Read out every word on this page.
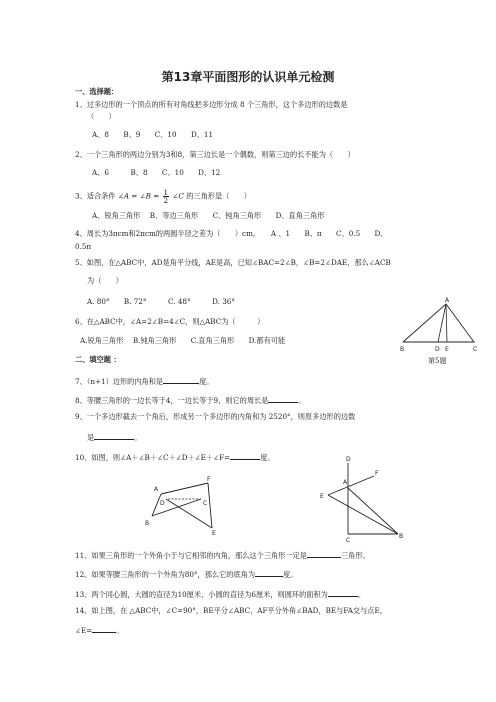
第13章平面图形的认识单元检测
一、选择题：
1、过多边形的一个顶点的所有对角线把多边形分成 8 个三角形，这个多边形的边数是
（　　）
A、8　　B、9　　C、10　　D、11
2、一个三角形的两边分别为3和8，第三边长是一个偶数，则第三边的长不能为（　　）
A、6　　　B、8　　C、10　　D、12
3、适合条件 ∠A = ∠B = $\frac{1}{2}$ ∠C 的三角形是（　　）
A、锐角三角形　 B、等边三角形　　C、钝角三角形　　D、直角三角形
4、周长为3πcm和2πcm的两圆半径之差为（　　）cm。　　A 、1　　B、π　　C、0.5　　D、
0.5π
5、如图，在△ABC中，AD是角平分线，AE是高，已知∠BAC=2∠B，∠B=2∠DAE，那么∠ACB
为（　　）
A. 80°　　B. 72°　　　C. 48°　　　D. 36°
6、在△ABC中，∠A=2∠B=4∠C，则△ABC为（　　　）
A.锐角三角形　 B.钝角三角形　　C.直角三角形　　D.都有可能
A
B	D E	C
第5题
二、填空题 ：
7、（n+1）边形的内角和是	度。
8、等腰三角形的一边长等于4，一边长等于9，则它的周长是	。
9、一个多边形截去一个角后，形成另一个多边形的内角和为 2520°，则原多边形的边数
是	。
10、如图，则∠A＋∠B＋∠C＋∠D＋∠E＋∠F=	度。
A
B
C
D
E
F
D
A
F
E
C
B
11、如果三角形的一个外角小于与它相邻的内角，那么这个三角形一定是	三角形。
12、如果等腰三角形的一个外角为80°，那么它的底角为	度。
13、两个同心圆，大圆的直径为10厘米，小圆的直径为6厘米，则圆环的面积为	。
14、如上图，在 △ABC中，∠C=90°，BE平分∠ABC，AF平分外角∠BAD，BE与FA交与点E，
∠E=	。
